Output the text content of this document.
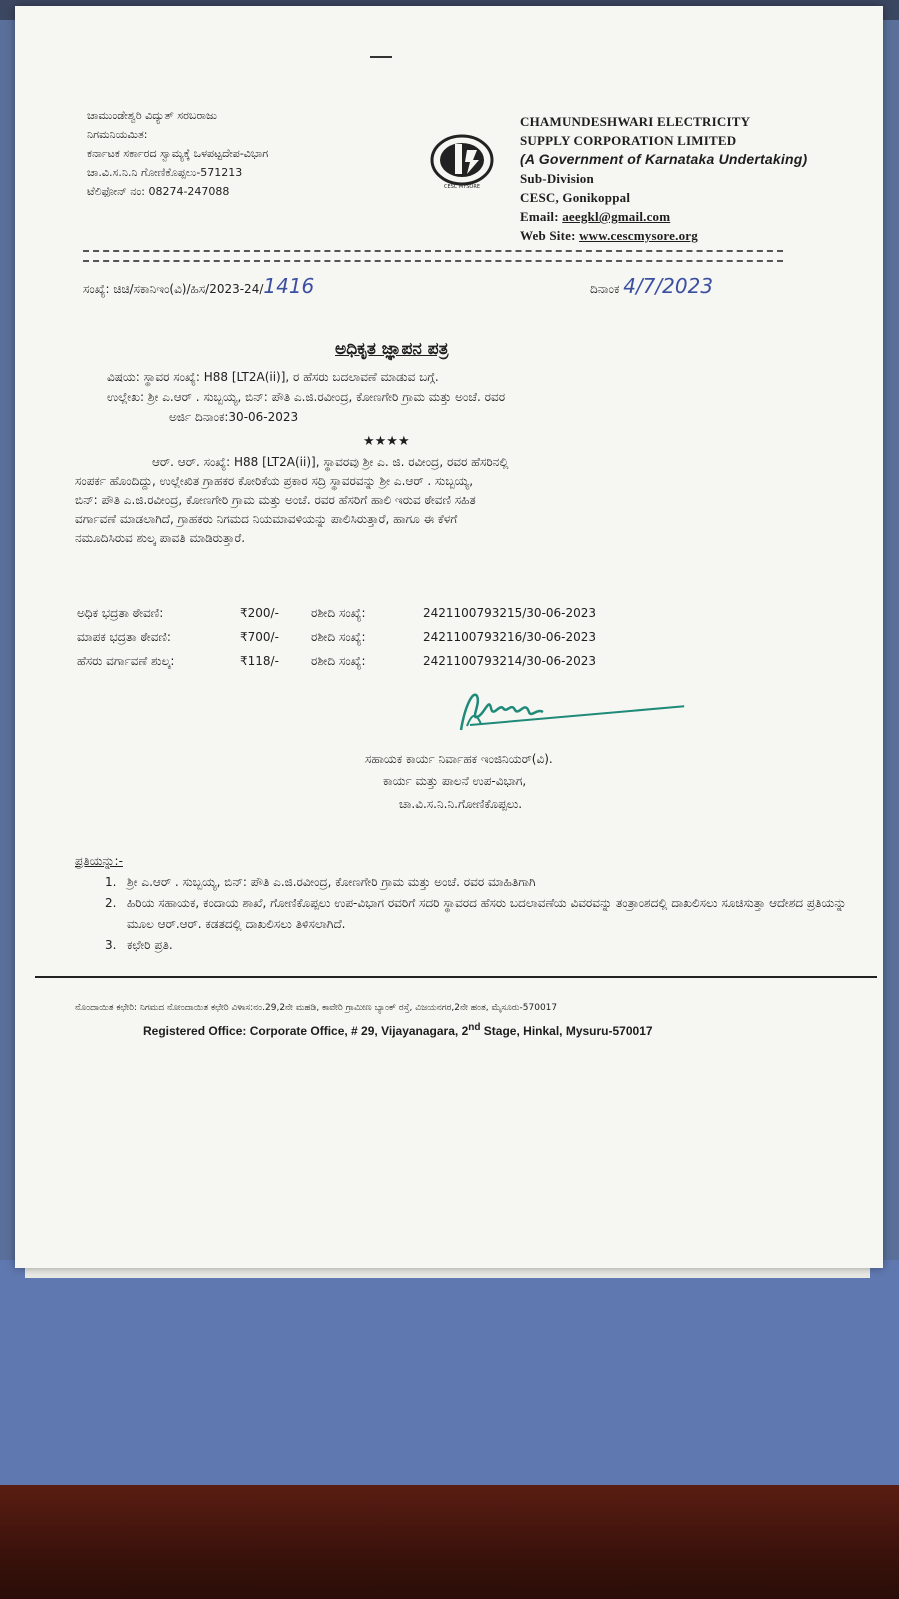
ಚಾಮುಂಡೇಶ್ವರಿ ವಿದ್ಯುತ್ ಸರಬರಾಜು
ನಿಗಮನಿಯಮಿತ:
ಕರ್ನಾಟಕ ಸರ್ಕಾರದ ಸ್ವಾಮ್ಯಕ್ಕೆ ಒಳಪಟ್ಟದೇಪ-ವಿಭಾಗ
ಚಾ.ವಿ.ಸ.ನಿ.ನಿ ಗೋಣಿಕೊಪ್ಪಲು-571213
ಟೆಲಿಫೋನ್ ನಂ: 08274-247088	CESC MYSORE
CHAMUNDESHWARI ELECTRICITY
SUPPLY CORPORATION LIMITED
(A Government of Karnataka Undertaking)
Sub-Division
CESC, Gonikoppal
Email: aeegkl@gmail.com
Web Site: www.cescmysore.org
ಸಂಖ್ಯೆ: ಚಿಚಿ/ಸಕಾನಿಇಂ(ವಿ)/ಹಿಸ/2023-24/1416	ದಿನಾಂಕ 4/7/2023
ಅಧಿಕೃತ ಜ್ಞಾಪನ ಪತ್ರ
ವಿಷಯ: ಸ್ಥಾವರ ಸಂಖ್ಯೆ: H88 [LT2A(ii)], ರ ಹೆಸರು ಬದಲಾವಣೆ ಮಾಡುವ ಬಗ್ಗೆ.
ಉಲ್ಲೇಖ: ಶ್ರೀ ಎ.ಆರ್ . ಸುಬ್ಬಯ್ಯ, ಬಿನ್: ಪೌತಿ ಎ.ಜಿ.ರವೀಂದ್ರ, ಕೋಣಗೇರಿ ಗ್ರಾಮ ಮತ್ತು ಅಂಚೆ. ರವರ
ಅರ್ಜಿ ದಿನಾಂಕ:30-06-2023
★★★★
ಆರ್. ಆರ್. ಸಂಖ್ಯೆ: H88 [LT2A(ii)], ಸ್ಥಾವರವು ಶ್ರೀ ಎ. ಜಿ. ರವೀಂದ್ರ, ರವರ ಹೆಸರಿನಲ್ಲಿ
ಸಂಪರ್ಕ ಹೊಂದಿದ್ದು, ಉಲ್ಲೇಖಿತ ಗ್ರಾಹಕರ ಕೋರಿಕೆಯ ಪ್ರಕಾರ ಸದ್ರಿ ಸ್ಥಾವರವನ್ನು ಶ್ರೀ ಎ.ಆರ್ . ಸುಬ್ಬಯ್ಯ,
ಬಿನ್: ಪೌತಿ ಎ.ಜಿ.ರವೀಂದ್ರ, ಕೋಣಗೇರಿ ಗ್ರಾಮ ಮತ್ತು ಅಂಚೆ. ರವರ ಹೆಸರಿಗೆ ಹಾಲಿ ಇರುವ ಠೇವಣಿ ಸಹಿತ
ವರ್ಗಾವಣೆ ಮಾಡಲಾಗಿದೆ, ಗ್ರಾಹಕರು ನಿಗಮದ ನಿಯಮಾವಳಿಯನ್ನು ಪಾಲಿಸಿರುತ್ತಾರೆ, ಹಾಗೂ ಈ ಕೆಳಗೆ
ನಮೂದಿಸಿರುವ ಶುಲ್ಕ ಪಾವತಿ ಮಾಡಿರುತ್ತಾರೆ.
ಅಧಿಕ ಭದ್ರತಾ ಠೇವಣಿ:	₹200/-	ರಶೀದಿ ಸಂಖ್ಯೆ:	242110079321​5/30-06-2023
ಮಾಪಕ ಭದ್ರತಾ ಠೇವಣಿ:	₹700/-	ರಶೀದಿ ಸಂಖ್ಯೆ:	2421100793216/30-06-2023
ಹೆಸರು ವರ್ಗಾವಣೆ ಶುಲ್ಕ:	₹118/-	ರಶೀದಿ ಸಂಖ್ಯೆ:	2421100793214/30-06-2023
ಸಹಾಯಕ ಕಾರ್ಯ ನಿರ್ವಾಹಕ ಇಂಜಿನಿಯರ್(ವಿ).
ಕಾರ್ಯ ಮತ್ತು ಪಾಲನೆ ಉಪ-ವಿಭಾಗ,
ಚಾ.ವಿ.ಸ.ನಿ.ನಿ.ಗೋಣಿಕೊಪ್ಪಲು.
ಪ್ರತಿಯನ್ನು:-
1. ಶ್ರೀ ಎ.ಆರ್ . ಸುಬ್ಬಯ್ಯ, ಬಿನ್: ಪೌತಿ ಎ.ಜಿ.ರವೀಂದ್ರ, ಕೋಣಗೇರಿ ಗ್ರಾಮ ಮತ್ತು ಅಂಚೆ. ರವರ ಮಾಹಿತಿಗಾಗಿ
2. ಹಿರಿಯ ಸಹಾಯಕ, ಕಂದಾಯ ಶಾಖೆ, ಗೋಣಿಕೊಪ್ಪಲು ಉಪ-ವಿಭಾಗ ರವರಿಗೆ ಸದರಿ ಸ್ಥಾವರದ ಹೆಸರು ಬದಲಾವಣೆಯ ವಿವರವನ್ನು ತಂತ್ರಾಂಶದಲ್ಲಿ ದಾಖಲಿಸಲು ಸೂಚಿಸುತ್ತಾ ಆದೇಶದ ಪ್ರತಿಯನ್ನು ಮೂಲ ಆರ್.ಆರ್. ಕಡತದಲ್ಲಿ ದಾಖಲಿಸಲು ತಿಳಿಸಲಾಗಿದೆ.
3. ಕಛೇರಿ ಪ್ರತಿ.
ನೊಂದಾಯಿತ ಕಛೇರಿ: ನಿಗಮದ ನೋಂದಾಯಿತ ಕಛೇರಿ ವಿಳಾಸ:ನಂ.29,2ನೇ ಮಹಡಿ, ಕಾವೇರಿ ಗ್ರಾಮೀಣ ಬ್ಯಾಂಕ್ ರಸ್ತೆ, ವಿಜಯನಗರ,2ನೇ ಹಂತ, ಮೈಸೂರು-570017
Registered Office: Corporate Office, # 29, Vijayanagara, 2nd Stage, Hinkal, Mysuru-570017
